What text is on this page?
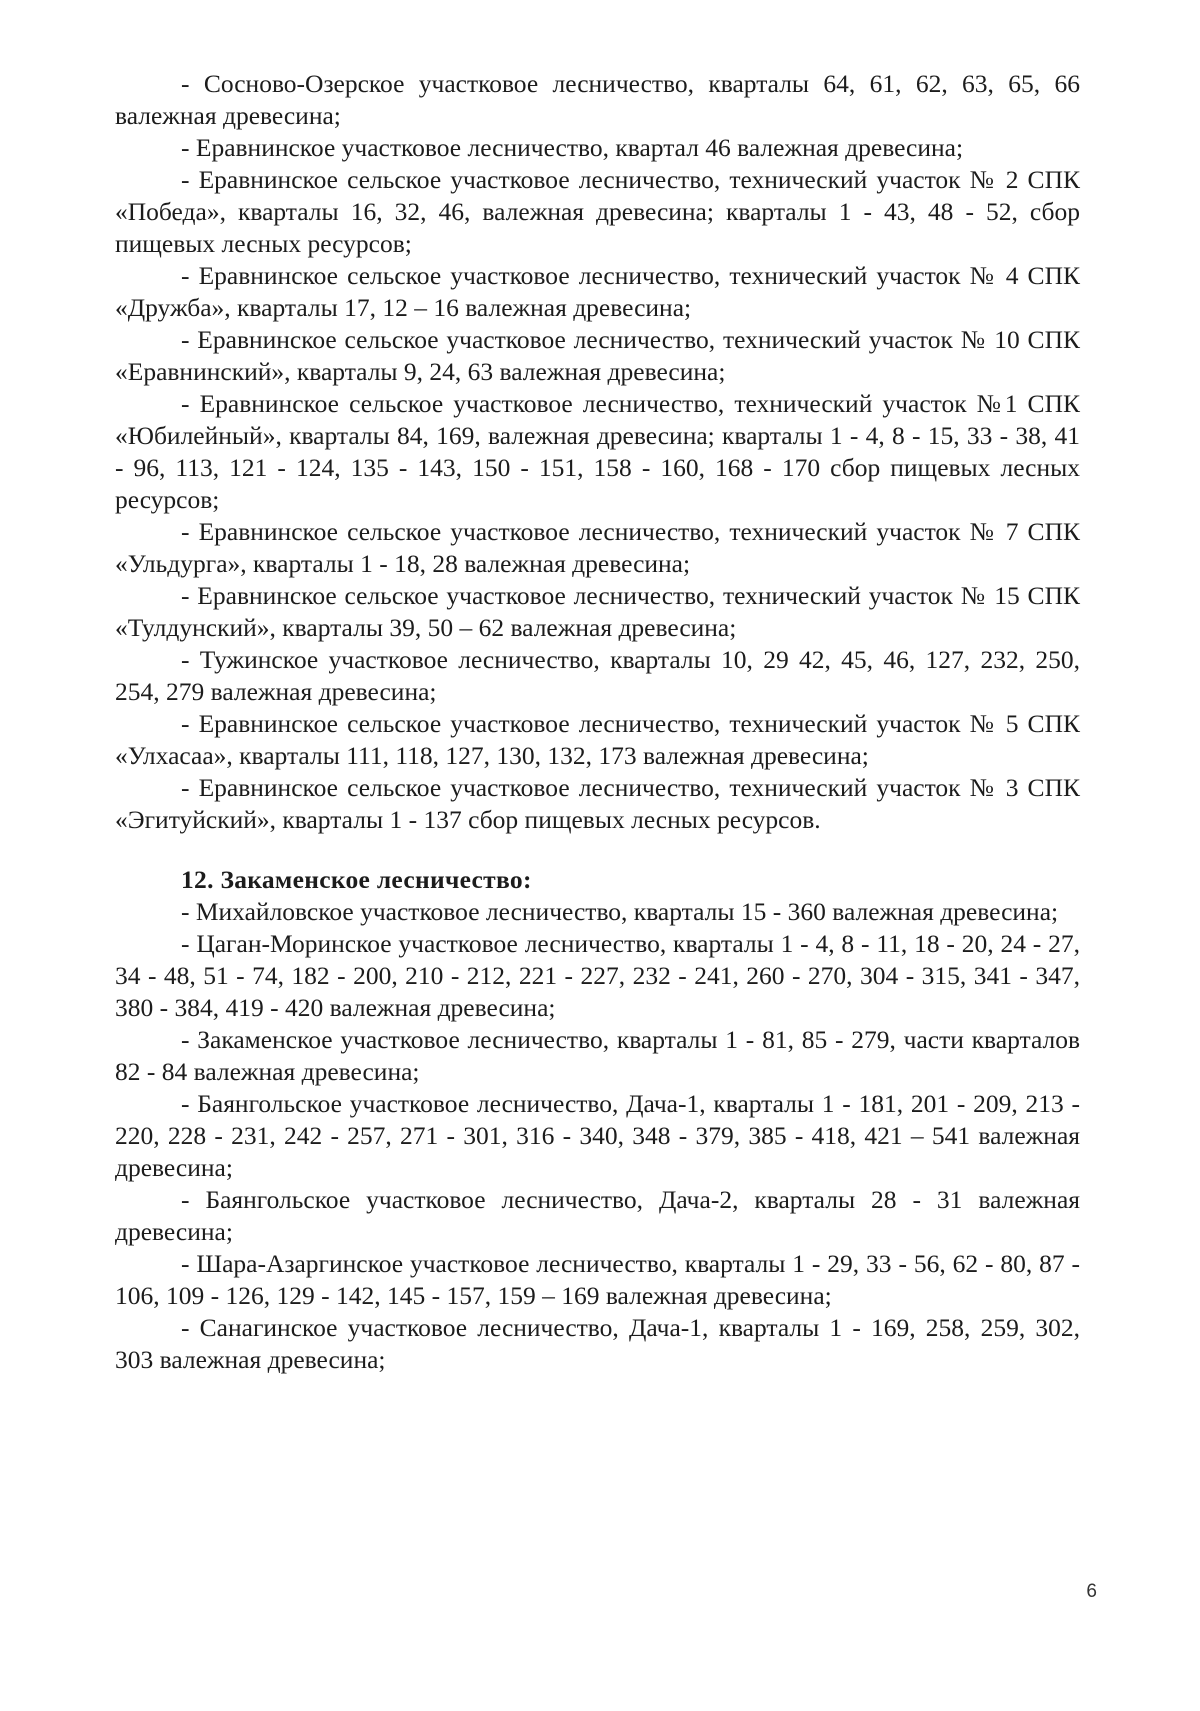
- Сосново-Озерское участковое лесничество, кварталы 64, 61, 62, 63, 65, 66 валежная древесина;

- Еравнинское участковое лесничество, квартал 46 валежная древесина;

- Еравнинское сельское участковое лесничество, технический участок № 2 СПК «Победа», кварталы 16, 32, 46, валежная древесина; кварталы 1 - 43, 48 - 52, сбор пищевых лесных ресурсов;

- Еравнинское сельское участковое лесничество, технический участок № 4 СПК «Дружба», кварталы 17, 12 – 16 валежная древесина;

- Еравнинское сельское участковое лесничество, технический участок № 10 СПК «Еравнинский», кварталы 9, 24, 63 валежная древесина;

- Еравнинское сельское участковое лесничество, технический участок №1 СПК «Юбилейный», кварталы 84, 169, валежная древесина; кварталы 1 - 4, 8 - 15, 33 - 38, 41 - 96, 113, 121 - 124, 135 - 143, 150 - 151, 158 - 160, 168 - 170 сбор пищевых лесных ресурсов;

- Еравнинское сельское участковое лесничество, технический участок № 7 СПК «Ульдурга», кварталы 1 - 18, 28 валежная древесина;

- Еравнинское сельское участковое лесничество, технический участок № 15 СПК «Тулдунский», кварталы 39, 50 – 62 валежная древесина;

- Тужинское участковое лесничество, кварталы 10, 29 42, 45, 46, 127, 232, 250, 254, 279 валежная древесина;

- Еравнинское сельское участковое лесничество, технический участок № 5 СПК «Улхасаа», кварталы 111, 118, 127, 130, 132, 173 валежная древесина;

- Еравнинское сельское участковое лесничество, технический участок № 3 СПК «Эгитуйский», кварталы 1 - 137 сбор пищевых лесных ресурсов.

12. Закаменское лесничество:

- Михайловское участковое лесничество, кварталы 15 - 360 валежная древесина;

- Цаган-Моринское участковое лесничество, кварталы 1 - 4, 8 - 11, 18 - 20, 24 - 27, 34 - 48, 51 - 74, 182 - 200, 210 - 212, 221 - 227, 232 - 241, 260 - 270, 304 - 315, 341 - 347, 380 - 384, 419 - 420 валежная древесина;

- Закаменское участковое лесничество, кварталы 1 - 81, 85 - 279, части кварталов 82 - 84 валежная древесина;

- Баянгольское участковое лесничество, Дача-1, кварталы 1 - 181, 201 - 209, 213 - 220, 228 - 231, 242 - 257, 271 - 301, 316 - 340, 348 - 379, 385 - 418, 421 – 541 валежная древесина;

- Баянгольское участковое лесничество, Дача-2, кварталы 28 - 31 валежная древесина;

- Шара-Азаргинское участковое лесничество, кварталы 1 - 29, 33 - 56, 62 - 80, 87 - 106, 109 - 126, 129 - 142, 145 - 157, 159 – 169 валежная древесина;

- Санагинское участковое лесничество, Дача-1, кварталы 1 - 169, 258, 259, 302, 303 валежная древесина;

6
